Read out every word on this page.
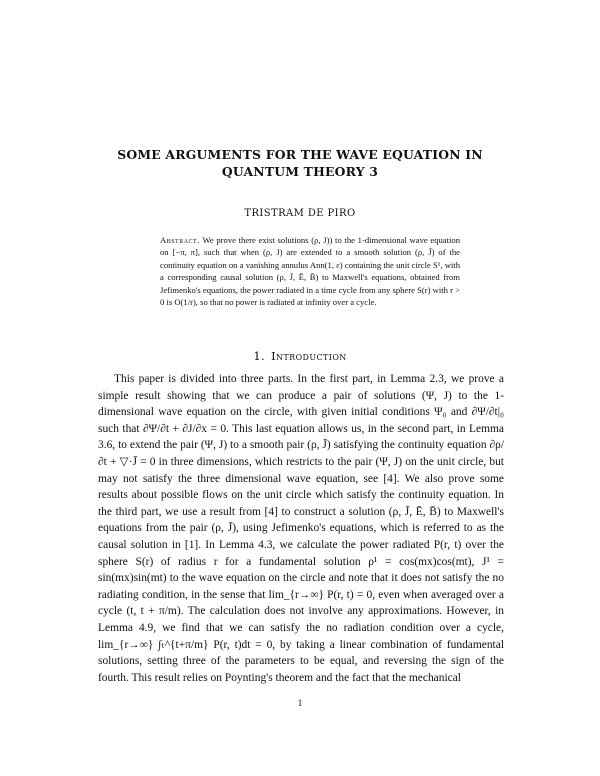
SOME ARGUMENTS FOR THE WAVE EQUATION IN
QUANTUM THEORY 3
TRISTRAM DE PIRO

Abstract. We prove there exist solutions (ρ, J)) to the 1-dimensional wave equation on [−π, π], such that when (ρ, J) are extended to a smooth solution (ρ, J̄) of the continuity equation on a vanishing annulus Ann(1, ε) containing the unit circle S¹, with a corresponding causal solution (ρ, J̄, Ē, B̄) to Maxwell's equations, obtained from Jefimenko's equations, the power radiated in a time cycle from any sphere S(r) with r > 0 is O(1/r), so that no power is radiated at infinity over a cycle.

1. Introduction

This paper is divided into three parts. In the first part, in Lemma 2.3, we prove a simple result showing that we can produce a pair of solutions (Ψ, J) to the 1-dimensional wave equation on the circle, with given initial conditions Ψ₀ and ∂Ψ/∂t|₀ such that ∂Ψ/∂t + ∂J/∂x = 0. This last equation allows us, in the second part, in Lemma 3.6, to extend the pair (Ψ, J) to a smooth pair (ρ, J̄) satisfying the continuity equation ∂ρ/∂t + ▽·J̄ = 0 in three dimensions, which restricts to the pair (Ψ, J) on the unit circle, but may not satisfy the three dimensional wave equation, see [4]. We also prove some results about possible flows on the unit circle which satisfy the continuity equation. In the third part, we use a result from [4] to construct a solution (ρ, J̄, Ē, B̄) to Maxwell's equations from the pair (ρ, J̄), using Jefimenko's equations, which is referred to as the causal solution in [1]. In Lemma 4.3, we calculate the power radiated P(r, t) over the sphere S(r) of radius r for a fundamental solution ρ¹ = cos(mx)cos(mt), J¹ = sin(mx)sin(mt) to the wave equation on the circle and note that it does not satisfy the no radiating condition, in the sense that lim_{r→∞} P(r, t) = 0, even when averaged over a cycle (t, t + π/m). The calculation does not involve any approximations. However, in Lemma 4.9, we find that we can satisfy the no radiation condition over a cycle, lim_{r→∞} ∫ₜ^{t+π/m} P(r, t)dt = 0, by taking a linear combination of fundamental solutions, setting three of the parameters to be equal, and reversing the sign of the fourth. This result relies on Poynting's theorem and the fact that the mechanical

1
